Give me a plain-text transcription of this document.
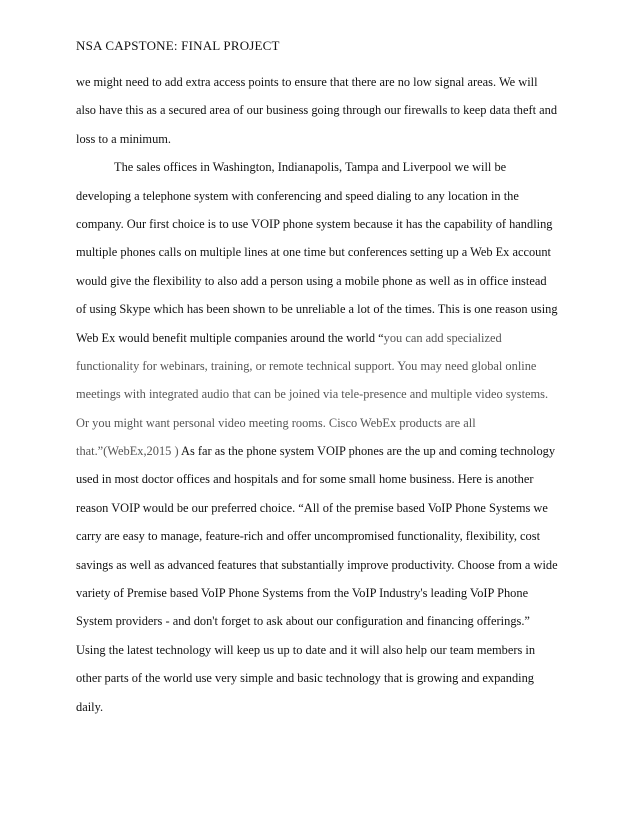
NSA CAPSTONE: FINAL PROJECT
we might need to add extra access points to ensure that there are no low signal areas. We will
also have this as a secured area of our business going through our firewalls to keep data theft and
loss to a minimum.
The sales offices in Washington, Indianapolis, Tampa and Liverpool we will be
developing a telephone system with conferencing and speed dialing to any location in the
company. Our first choice is to use VOIP phone system because it has the capability of handling
multiple phones calls on multiple lines at one time but conferences setting up a Web Ex account
would give the flexibility to also add a person using a mobile phone as well as in office instead
of using Skype which has been shown to be unreliable a lot of the times. This is one reason using
Web Ex would benefit multiple companies around the world “you can add specialized
functionality for webinars, training, or remote technical support. You may need global online
meetings with integrated audio that can be joined via tele-presence and multiple video systems.
Or you might want personal video meeting rooms. Cisco WebEx products are all
that.”(WebEx,2015 ) As far as the phone system VOIP phones are the up and coming technology
used in most doctor offices and hospitals and for some small home business. Here is another
reason VOIP would be our preferred choice. “All of the premise based VoIP Phone Systems we
carry are easy to manage, feature-rich and offer uncompromised functionality, flexibility, cost
savings as well as advanced features that substantially improve productivity. Choose from a wide
variety of Premise based VoIP Phone Systems from the VoIP Industry's leading VoIP Phone
System providers - and don't forget to ask about our configuration and financing offerings.”
Using the latest technology will keep us up to date and it will also help our team members in
other parts of the world use very simple and basic technology that is growing and expanding
daily.
